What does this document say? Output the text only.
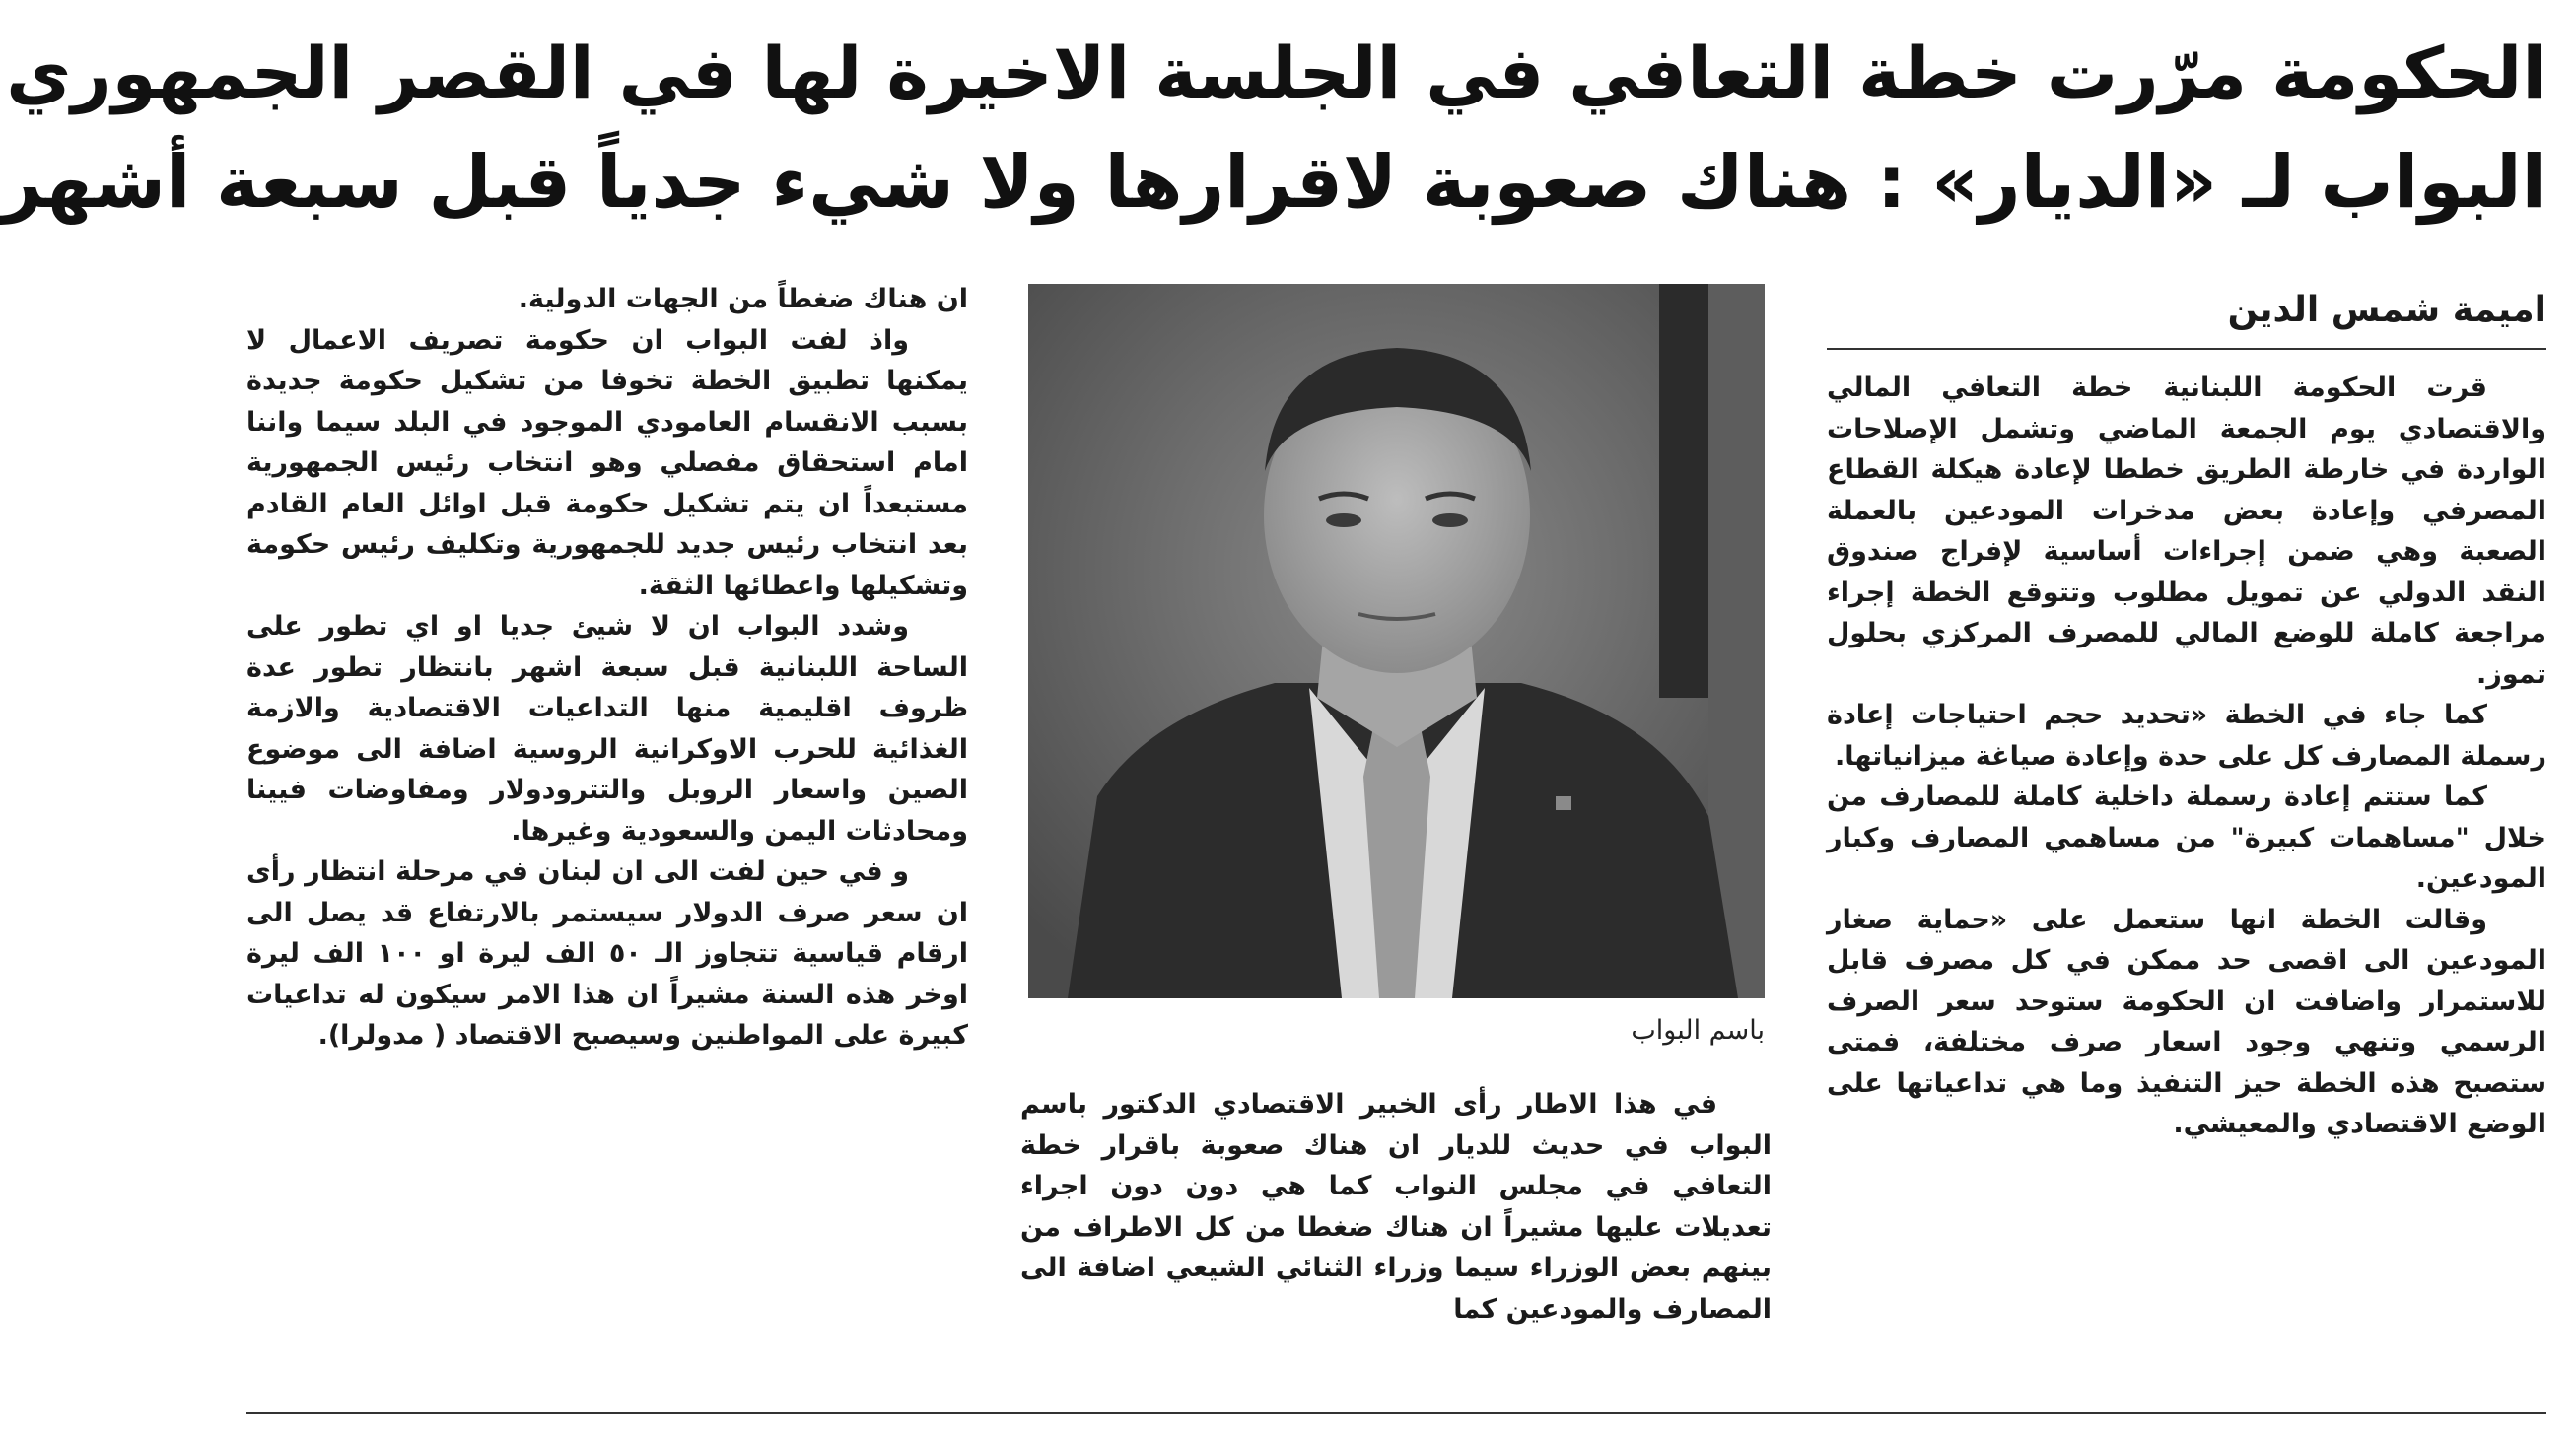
الحكومة مرّرت خطة التعافي في الجلسة الاخيرة لها في القصر الجمهوري
البواب لـ «الديار» : هناك صعوبة لاقرارها ولا شيء جدياً قبل سبعة أشهر
اميمة شمس الدين

قرت الحكومة اللبنانية خطة التعافي المالي والاقتصادي يوم الجمعة الماضي وتشمل الإصلاحات الواردة في خارطة الطريق خططا لإعادة هيكلة القطاع المصرفي وإعادة بعض مدخرات المودعين بالعملة الصعبة وهي ضمن إجراءات أساسية لإفراج صندوق النقد الدولي عن تمويل مطلوب وتتوقع الخطة إجراء مراجعة كاملة للوضع المالي للمصرف المركزي بحلول تموز.

كما جاء في الخطة «تحديد حجم احتياجات إعادة رسملة المصارف كل على حدة وإعادة صياغة ميزانياتها.

كما ستتم إعادة رسملة داخلية كاملة للمصارف من خلال "مساهمات كبيرة" من مساهمي المصارف وكبار المودعين.

وقالت الخطة انها ستعمل على «حماية صغار المودعين الى اقصى حد ممكن في كل مصرف قابل للاستمرار واضافت ان الحكومة ستوحد سعر الصرف الرسمي وتنهي وجود اسعار صرف مختلفة، فمتى ستصبح هذه الخطة حيز التنفيذ وما هي تداعياتها على الوضع الاقتصادي والمعيشي.

باسم البواب

في هذا الاطار رأى الخبير الاقتصادي الدكتور باسم البواب في حديث للديار ان هناك صعوبة باقرار خطة التعافي في مجلس النواب كما هي دون دون اجراء تعديلات عليها مشيراً ان هناك ضغطا من كل الاطراف من بينهم بعض الوزراء سيما وزراء الثنائي الشيعي اضافة الى المصارف والمودعين كما

ان هناك ضغطاً من الجهات الدولية.

واذ لفت البواب ان حكومة تصريف الاعمال لا يمكنها تطبيق الخطة تخوفا من تشكيل حكومة جديدة بسبب الانقسام العامودي الموجود في البلد سيما واننا امام استحقاق مفصلي وهو انتخاب رئيس الجمهورية مستبعداً ان يتم تشكيل حكومة قبل اوائل العام القادم بعد انتخاب رئيس جديد للجمهورية وتكليف رئيس حكومة وتشكيلها واعطائها الثقة.

وشدد البواب ان لا شيئ جديا او اي تطور على الساحة اللبنانية قبل سبعة اشهر بانتظار تطور عدة ظروف اقليمية منها التداعيات الاقتصادية والازمة الغذائية للحرب الاوكرانية الروسية اضافة الى موضوع الصين واسعار الروبل والتترودولار ومفاوضات فيينا ومحادثات اليمن والسعودية وغيرها.

و في حين لفت الى ان لبنان في مرحلة انتظار رأى ان سعر صرف الدولار سيستمر بالارتفاع قد يصل الى ارقام قياسية تتجاوز الـ ٥٠ الف ليرة او ١٠٠ الف ليرة اوخر هذه السنة مشيراً ان هذا الامر سيكون له تداعيات كبيرة على المواطنين وسيصبح الاقتصاد ( مدولرا).
